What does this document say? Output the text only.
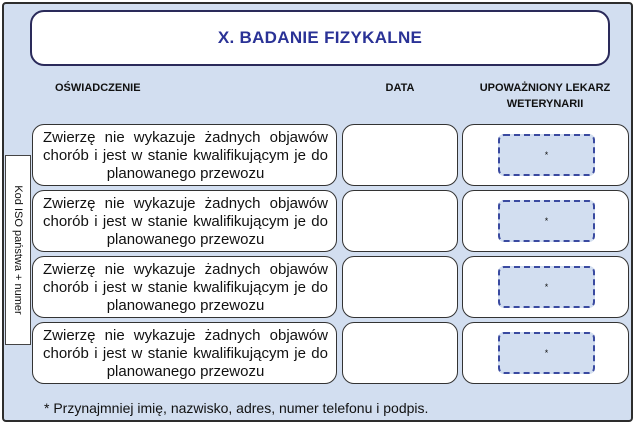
X. BADANIE FIZYKALNE
OŚWIADCZENIE	DATA	UPOWAŻNIONY LEKARZ
WETERYNARII
Kod ISO państwa + numer
Zwierzę nie wykazuje żadnych objawów chorób i jest w stanie kwalifikującym je do planowanego przewozu
*
Zwierzę nie wykazuje żadnych objawów chorób i jest w stanie kwalifikującym je do planowanego przewozu
*
Zwierzę nie wykazuje żadnych objawów chorób i jest w stanie kwalifikującym je do planowanego przewozu
*
Zwierzę nie wykazuje żadnych objawów chorób i jest w stanie kwalifikującym je do planowanego przewozu
*
* Przynajmniej imię, nazwisko, adres, numer telefonu i podpis.
